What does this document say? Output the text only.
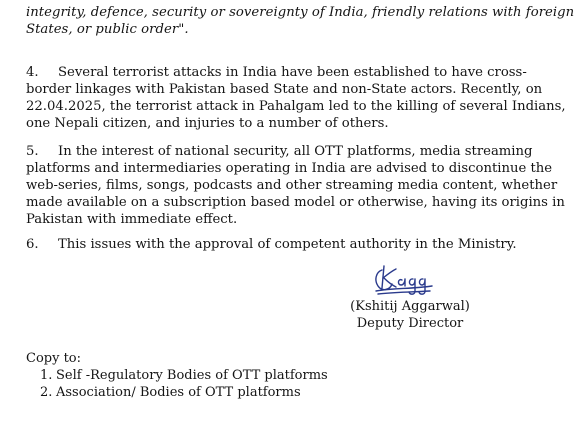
integrity, defence, security or sovereignty of India, friendly relations with foreign
States, or public order".
4. Several terrorist attacks in India have been established to have cross-
border linkages with Pakistan based State and non-State actors. Recently, on
22.04.2025, the terrorist attack in Pahalgam led to the killing of several Indians,
one Nepali citizen, and injuries to a number of others.
5. In the interest of national security, all OTT platforms, media streaming
platforms and intermediaries operating in India are advised to discontinue the
web-series, films, songs, podcasts and other streaming media content, whether
made available on a subscription based model or otherwise, having its origins in
Pakistan with immediate effect.
6. This issues with the approval of competent authority in the Ministry.
(Kshitij Aggarwal)
Deputy Director
Copy to:
1. Self -Regulatory Bodies of OTT platforms
2. Association/ Bodies of OTT platforms
